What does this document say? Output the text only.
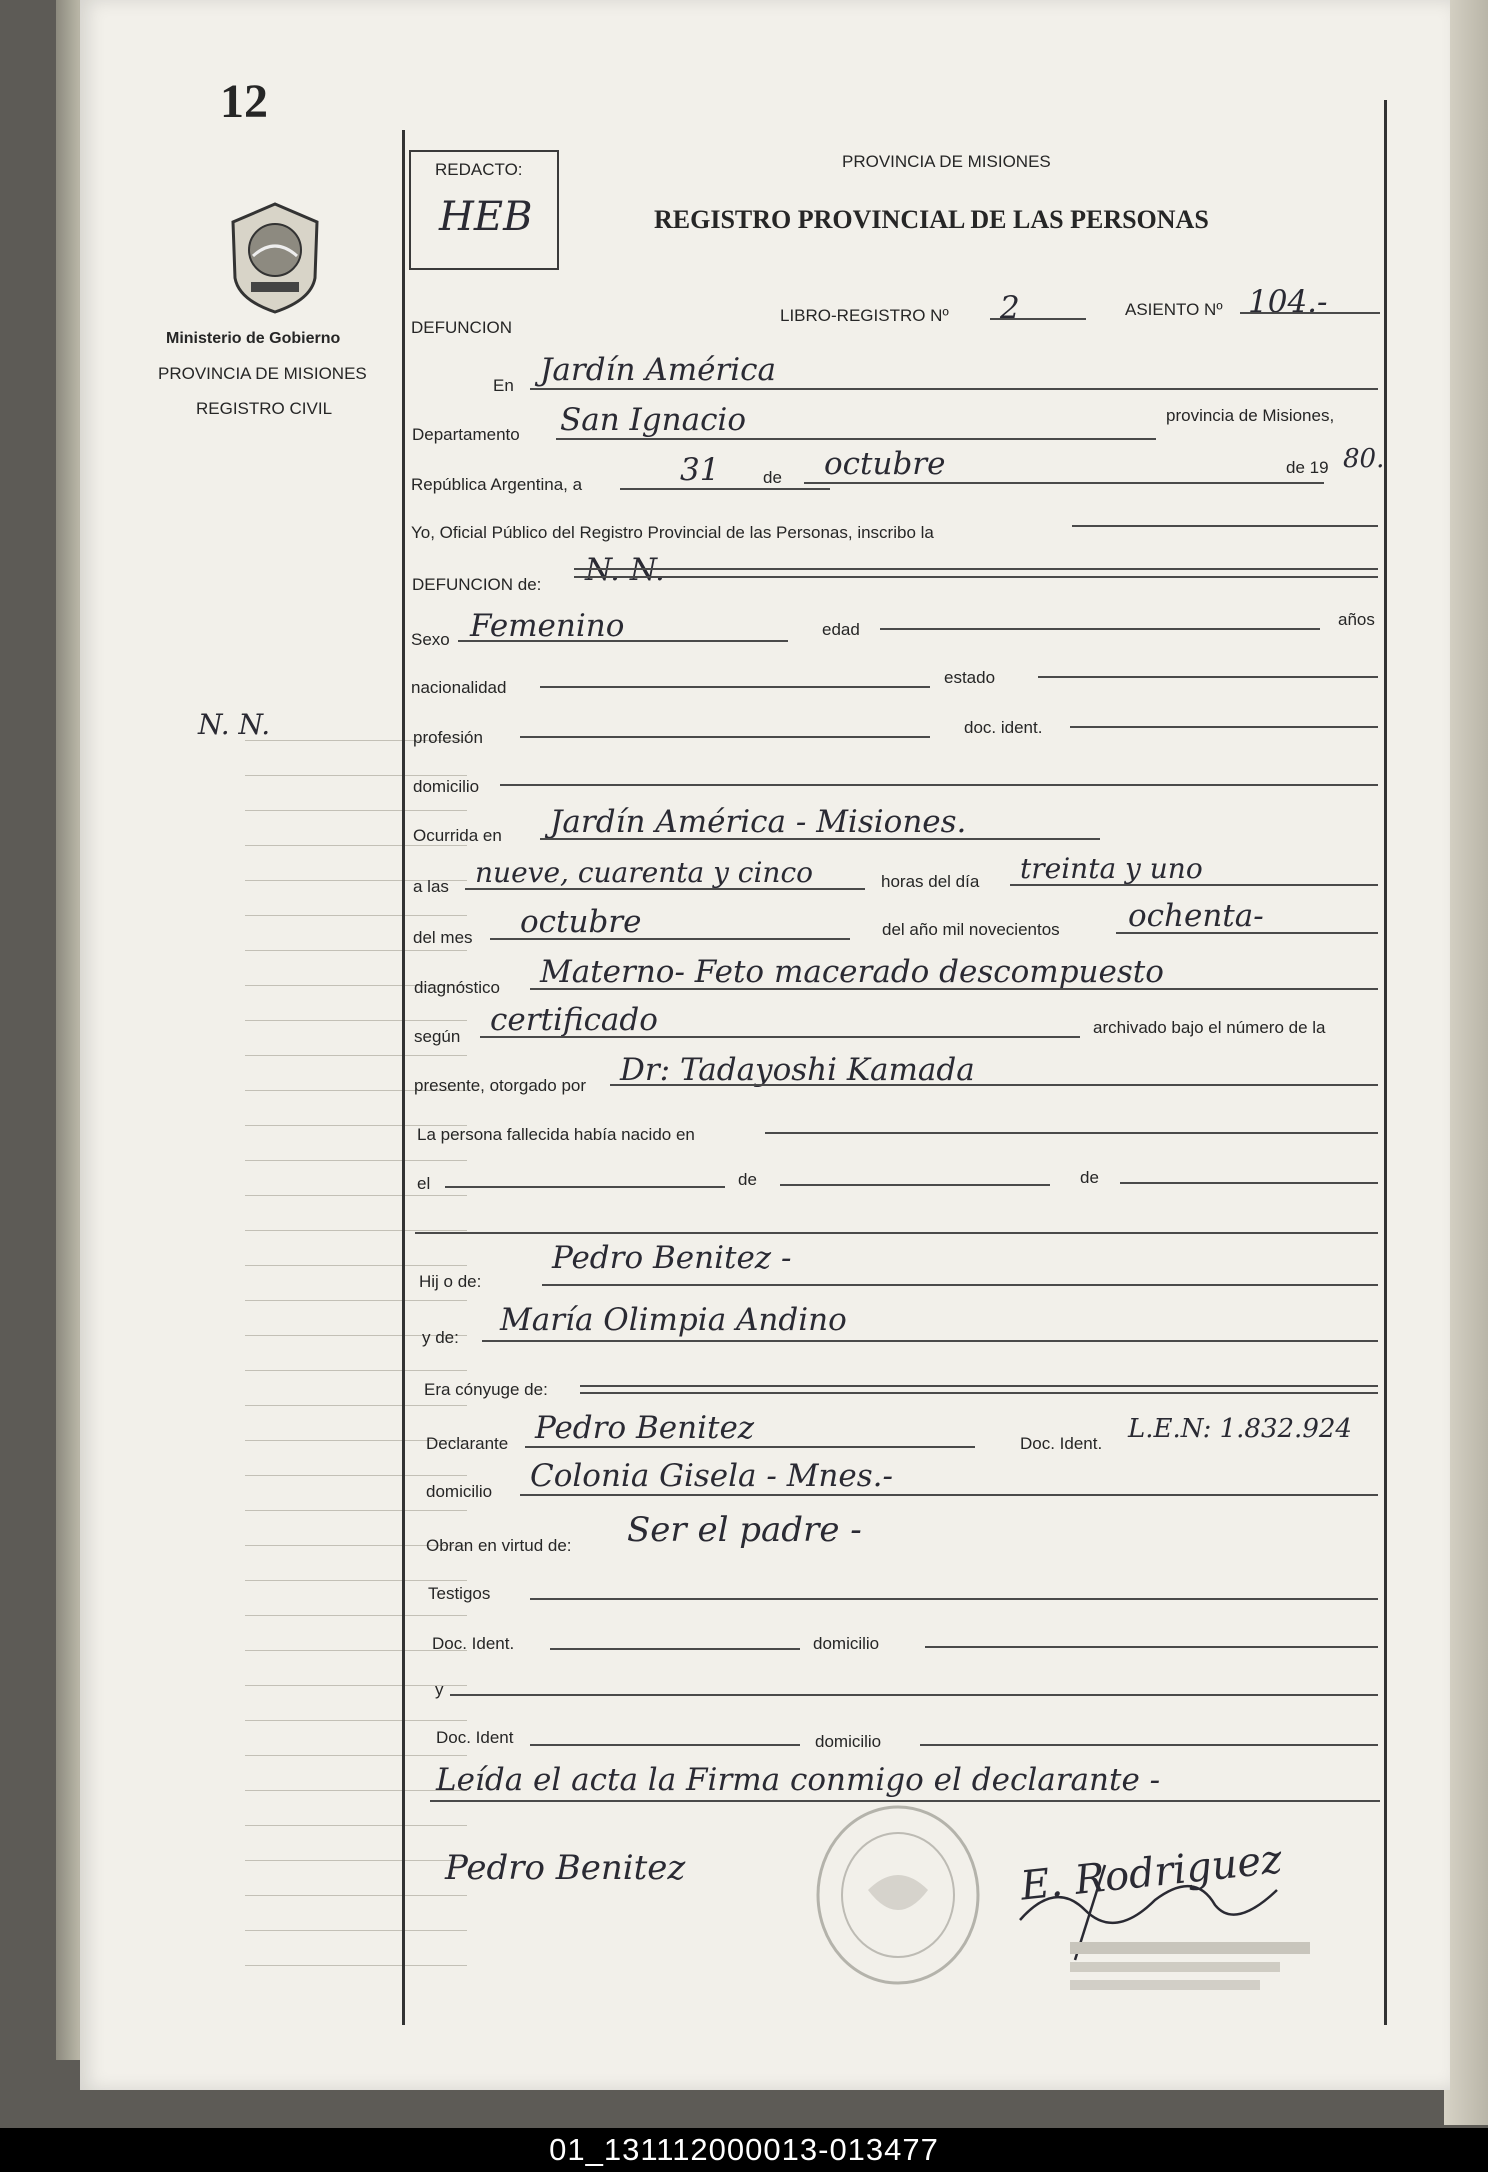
12
Ministerio de Gobierno
PROVINCIA DE MISIONES
REGISTRO CIVIL
N. N.
REDACTO:
HEB
PROVINCIA DE MISIONES
REGISTRO PROVINCIAL DE LAS PERSONAS
DEFUNCION
LIBRO-REGISTRO Nº 2	ASIENTO Nº 104.-
En Jardín América
Departamento San Ignacio	provincia de Misiones,
República Argentina, a	31	de octubre	de 19 80.
Yo, Oficial Público del Registro Provincial de las Personas, inscribo la
DEFUNCION de: N. N.
Sexo Femenino	edad
años
nacionalidad
estado
profesión
doc. ident.
domicilio
Ocurrida en Jardín América - Misiones.
a las nueve, cuarenta y cinco	horas del día treinta y uno
del mes octubre	del año mil novecientos ochenta-
diagnóstico Materno- Feto macerado descompuesto
según certificado	archivado bajo el número de la
presente, otorgado por Dr: Tadayoshi Kamada
La persona fallecida había nacido en
el	de	de
Hij o de:
Pedro Benitez -
y de: María Olimpia Andino
Era cónyuge de:
Declarante Pedro Benitez	Doc. Ident. L.E.N: 1.832.924
domicilio Colonia Gisela - Mnes.-
Obran en virtud de: Ser el padre -
Testigos
Doc. Ident.	domicilio
y
Doc. Ident	domicilio
Leída el acta la Firma conmigo el declarante -
Pedro Benitez	E. Rodriguez
01_131112000013-013477
